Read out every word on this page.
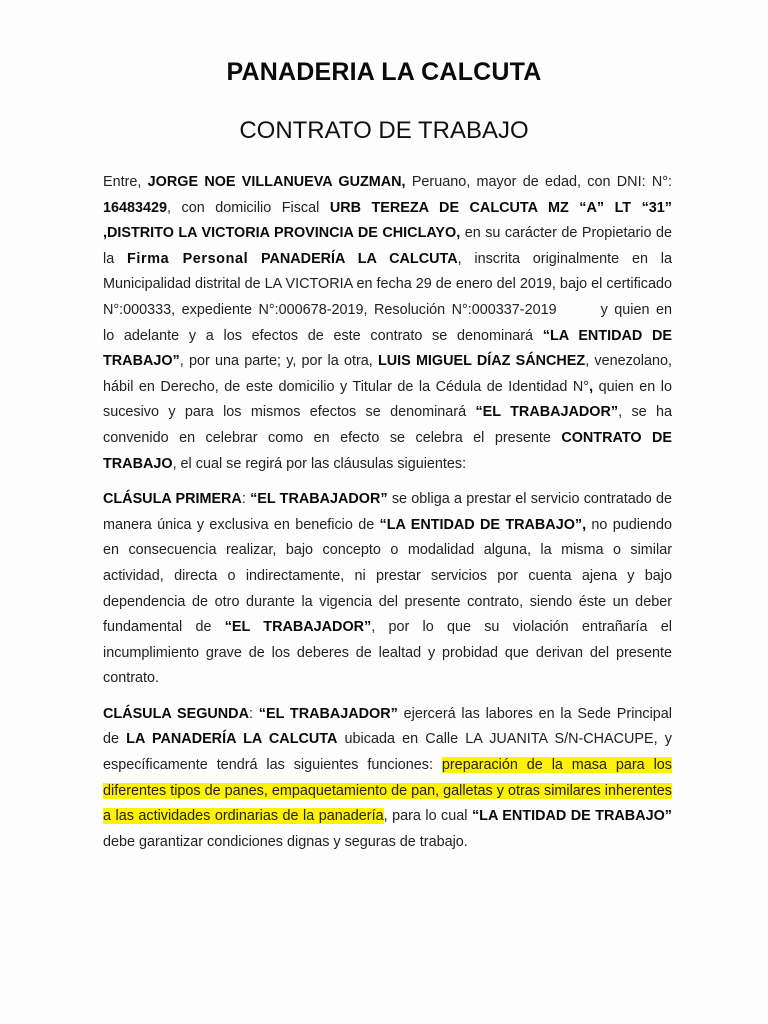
PANADERIA LA CALCUTA
CONTRATO DE TRABAJO

Entre, JORGE NOE VILLANUEVA GUZMAN, Peruano, mayor de edad, con DNI: N°: 16483429, con domicilio Fiscal URB TEREZA DE CALCUTA MZ “A” LT “31” ,DISTRITO LA VICTORIA PROVINCIA DE CHICLAYO, en su carácter de Propietario de la Firma Personal PANADERÍA LA CALCUTA, inscrita originalmente en la Municipalidad distrital de LA VICTORIA en fecha 29 de enero del 2019, bajo el certificado N°:000333, expediente N°:000678-2019, Resolución N°:000337-2019	y quien en lo adelante y a los efectos de este contrato se denominará “LA ENTIDAD DE TRABAJO”, por una parte; y, por la otra, LUIS MIGUEL DÍAZ SÁNCHEZ, venezolano, hábil en Derecho, de este domicilio y Titular de la Cédula de Identidad N°, quien en lo sucesivo y para los mismos efectos se denominará “EL TRABAJADOR”, se ha convenido en celebrar como en efecto se celebra el presente CONTRATO DE TRABAJO, el cual se regirá por las cláusulas siguientes:

CLÁSULA PRIMERA: “EL TRABAJADOR” se obliga a prestar el servicio contratado de manera única y exclusiva en beneficio de “LA ENTIDAD DE TRABAJO”, no pudiendo en consecuencia realizar, bajo concepto o modalidad alguna, la misma o similar actividad, directa o indirectamente, ni prestar servicios por cuenta ajena y bajo dependencia de otro durante la vigencia del presente contrato, siendo éste un deber fundamental de “EL TRABAJADOR”, por lo que su violación entrañaría el incumplimiento grave de los deberes de lealtad y probidad que derivan del presente contrato.

CLÁSULA SEGUNDA: “EL TRABAJADOR” ejercerá las labores en la Sede Principal de LA PANADERÍA LA CALCUTA ubicada en Calle LA JUANITA S/N-CHACUPE, y específicamente tendrá las siguientes funciones: preparación de la masa para los diferentes tipos de panes, empaquetamiento de pan, galletas y otras similares inherentes a las actividades ordinarias de la panadería, para lo cual “LA ENTIDAD DE TRABAJO” debe garantizar condiciones dignas y seguras de trabajo.
